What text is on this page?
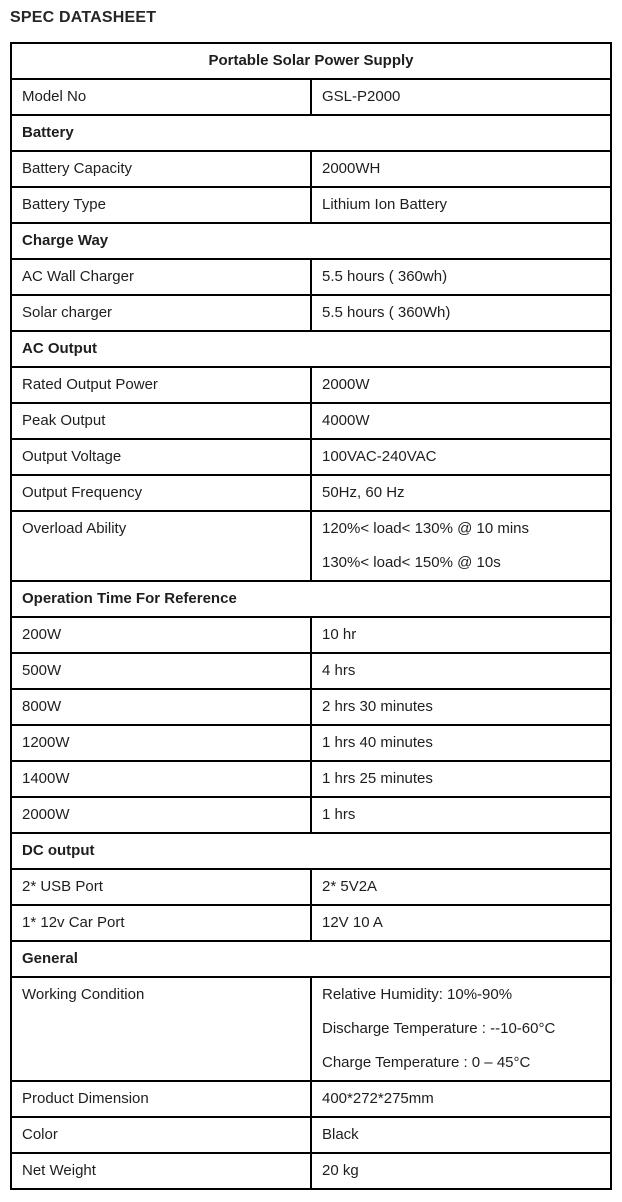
SPEC DATASHEET
Portable Solar Power Supply	
Model No	GSL-P2000
Battery	
Battery Capacity	2000WH
Battery Type	Lithium Ion Battery
Charge Way	
AC Wall Charger	5.5 hours ( 360wh)
Solar charger	5.5 hours ( 360Wh)
AC Output	
Rated Output Power	2000W
Peak Output	4000W
Output Voltage	100VAC-240VAC
Output Frequency	50Hz, 60 Hz
Overload Ability	120%< load< 130% @ 10 mins
130%< load< 150% @ 10s

Operation Time For Reference	
200W	10 hr
500W	4 hrs
800W	2 hrs 30 minutes
1200W	1 hrs 40 minutes
1400W	1 hrs 25 minutes
2000W	1 hrs
DC output	
2* USB Port	2* 5V2A
1* 12v Car Port	12V 10 A
General	
Working Condition	Relative Humidity: 10%-90%
Discharge Temperature : --10-60°C
Charge Temperature : 0 – 45°C

Product Dimension	400*272*275mm
Color	Black
Net Weight	20 kg
